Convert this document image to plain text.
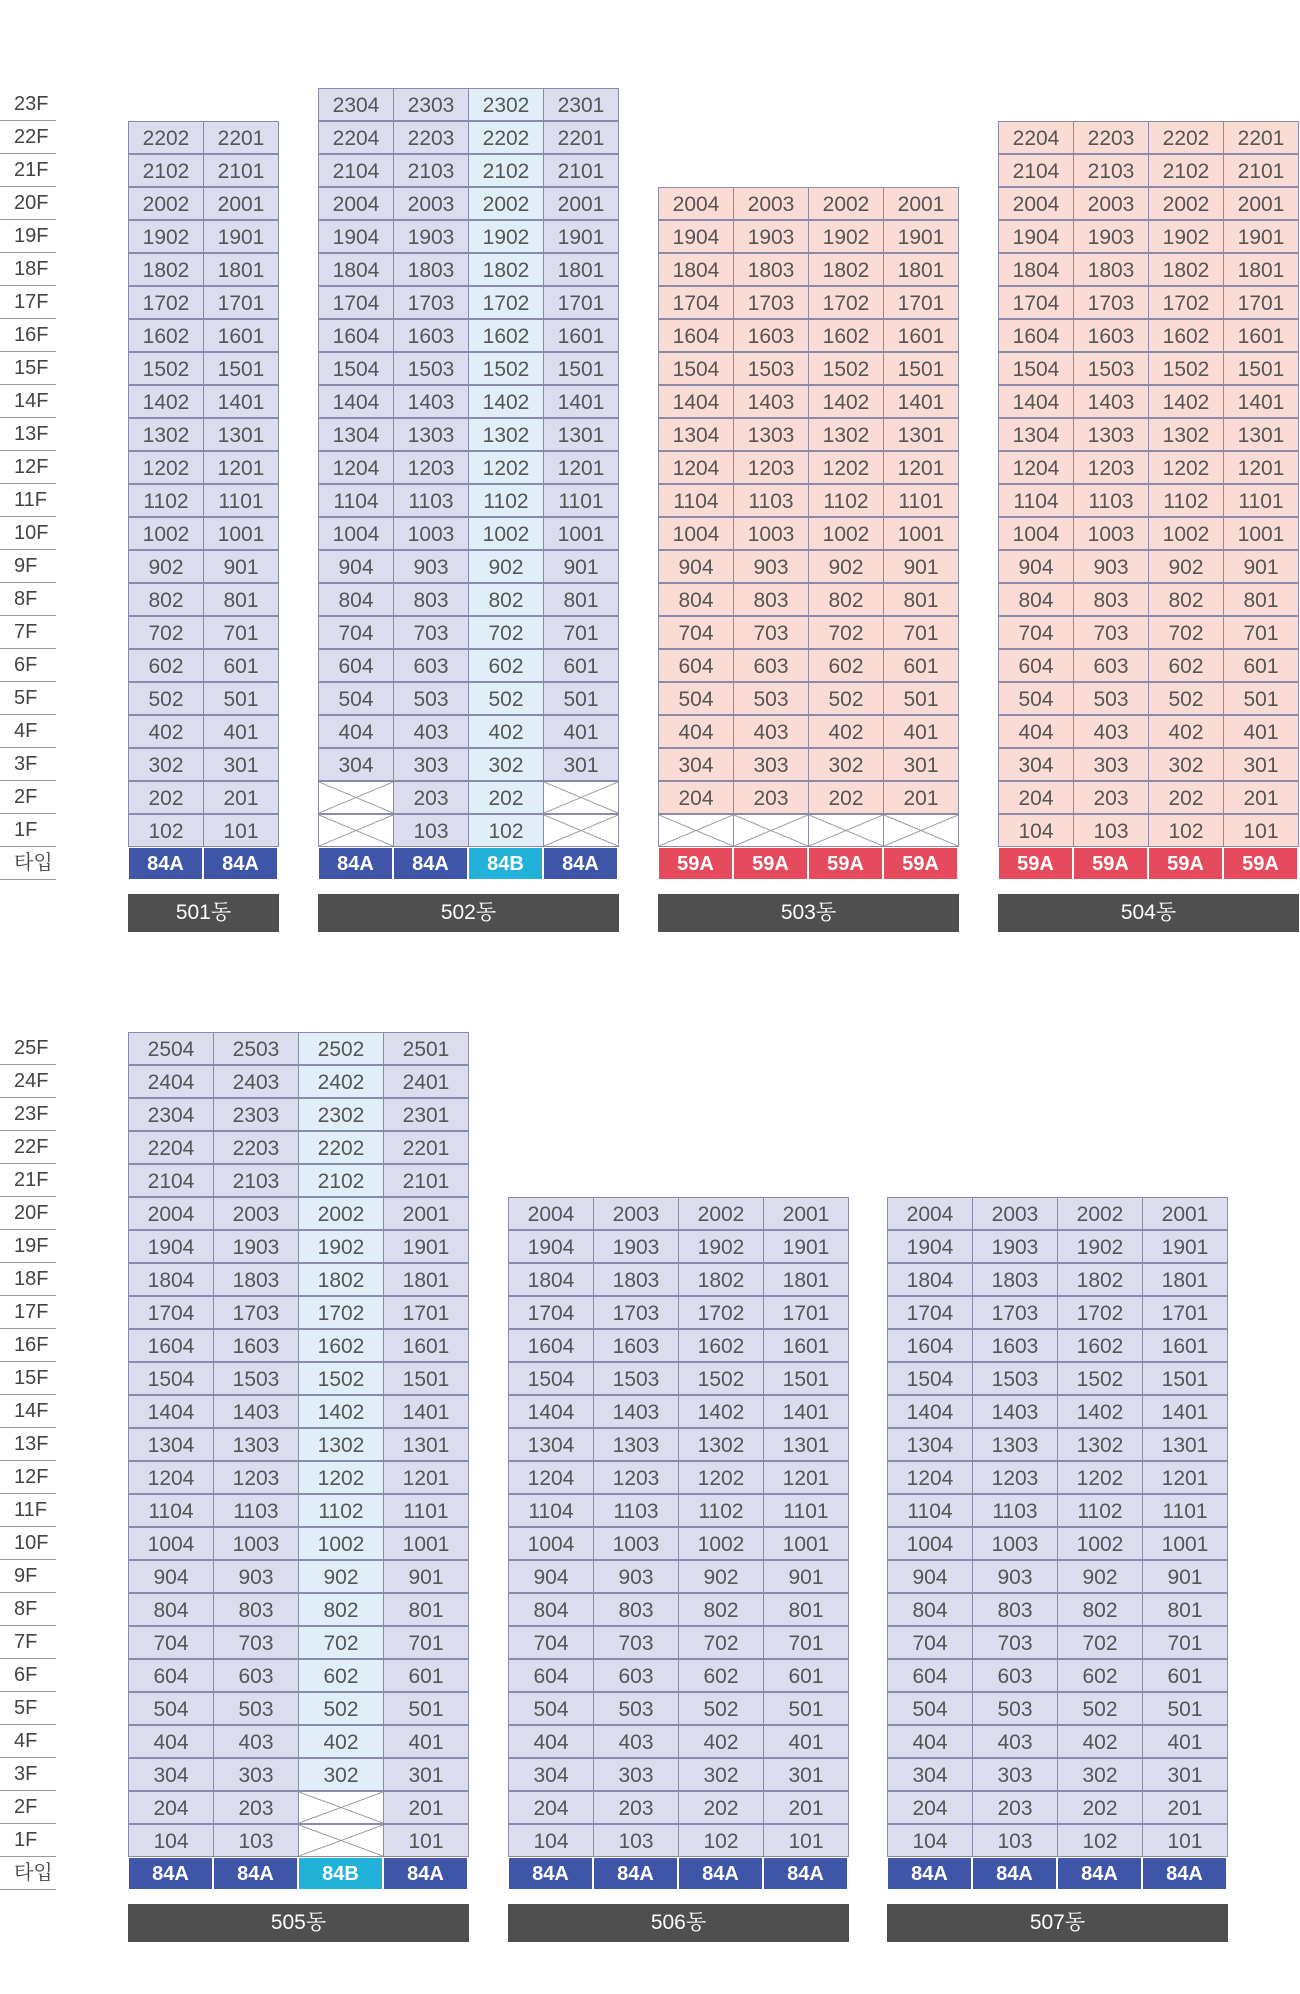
23F
22F
21F
20F
19F
18F
17F
16F
15F
14F
13F
12F
11F
10F
9F
8F
7F
6F
5F
4F
3F
2F
1F
타입
102
202
302
402
502
602
702
802
902
1002
1102
1202
1302
1402
1502
1602
1702
1802
1902
2002
2102
2202
84A
101
201
301
401
501
601
701
801
901
1001
1101
1201
1301
1401
1501
1601
1701
1801
1901
2001
2101
2201
84A
501동
304
404
504
604
704
804
904
1004
1104
1204
1304
1404
1504
1604
1704
1804
1904
2004
2104
2204
2304
84A
103
203
303
403
503
603
703
803
903
1003
1103
1203
1303
1403
1503
1603
1703
1803
1903
2003
2103
2203
2303
84A
102
202
302
402
502
602
702
802
902
1002
1102
1202
1302
1402
1502
1602
1702
1802
1902
2002
2102
2202
2302
84B
301
401
501
601
701
801
901
1001
1101
1201
1301
1401
1501
1601
1701
1801
1901
2001
2101
2201
2301
84A
502동
204
304
404
504
604
704
804
904
1004
1104
1204
1304
1404
1504
1604
1704
1804
1904
2004
59A
203
303
403
503
603
703
803
903
1003
1103
1203
1303
1403
1503
1603
1703
1803
1903
2003
59A
202
302
402
502
602
702
802
902
1002
1102
1202
1302
1402
1502
1602
1702
1802
1902
2002
59A
201
301
401
501
601
701
801
901
1001
1101
1201
1301
1401
1501
1601
1701
1801
1901
2001
59A
503동
104
204
304
404
504
604
704
804
904
1004
1104
1204
1304
1404
1504
1604
1704
1804
1904
2004
2104
2204
59A
103
203
303
403
503
603
703
803
903
1003
1103
1203
1303
1403
1503
1603
1703
1803
1903
2003
2103
2203
59A
102
202
302
402
502
602
702
802
902
1002
1102
1202
1302
1402
1502
1602
1702
1802
1902
2002
2102
2202
59A
101
201
301
401
501
601
701
801
901
1001
1101
1201
1301
1401
1501
1601
1701
1801
1901
2001
2101
2201
59A
504동
25F
24F
23F
22F
21F
20F
19F
18F
17F
16F
15F
14F
13F
12F
11F
10F
9F
8F
7F
6F
5F
4F
3F
2F
1F
타입
104
204
304
404
504
604
704
804
904
1004
1104
1204
1304
1404
1504
1604
1704
1804
1904
2004
2104
2204
2304
2404
2504
84A
103
203
303
403
503
603
703
803
903
1003
1103
1203
1303
1403
1503
1603
1703
1803
1903
2003
2103
2203
2303
2403
2503
84A
302
402
502
602
702
802
902
1002
1102
1202
1302
1402
1502
1602
1702
1802
1902
2002
2102
2202
2302
2402
2502
84B
101
201
301
401
501
601
701
801
901
1001
1101
1201
1301
1401
1501
1601
1701
1801
1901
2001
2101
2201
2301
2401
2501
84A
505동
104
204
304
404
504
604
704
804
904
1004
1104
1204
1304
1404
1504
1604
1704
1804
1904
2004
84A
103
203
303
403
503
603
703
803
903
1003
1103
1203
1303
1403
1503
1603
1703
1803
1903
2003
84A
102
202
302
402
502
602
702
802
902
1002
1102
1202
1302
1402
1502
1602
1702
1802
1902
2002
84A
101
201
301
401
501
601
701
801
901
1001
1101
1201
1301
1401
1501
1601
1701
1801
1901
2001
84A
506동
104
204
304
404
504
604
704
804
904
1004
1104
1204
1304
1404
1504
1604
1704
1804
1904
2004
84A
103
203
303
403
503
603
703
803
903
1003
1103
1203
1303
1403
1503
1603
1703
1803
1903
2003
84A
102
202
302
402
502
602
702
802
902
1002
1102
1202
1302
1402
1502
1602
1702
1802
1902
2002
84A
101
201
301
401
501
601
701
801
901
1001
1101
1201
1301
1401
1501
1601
1701
1801
1901
2001
84A
507동
